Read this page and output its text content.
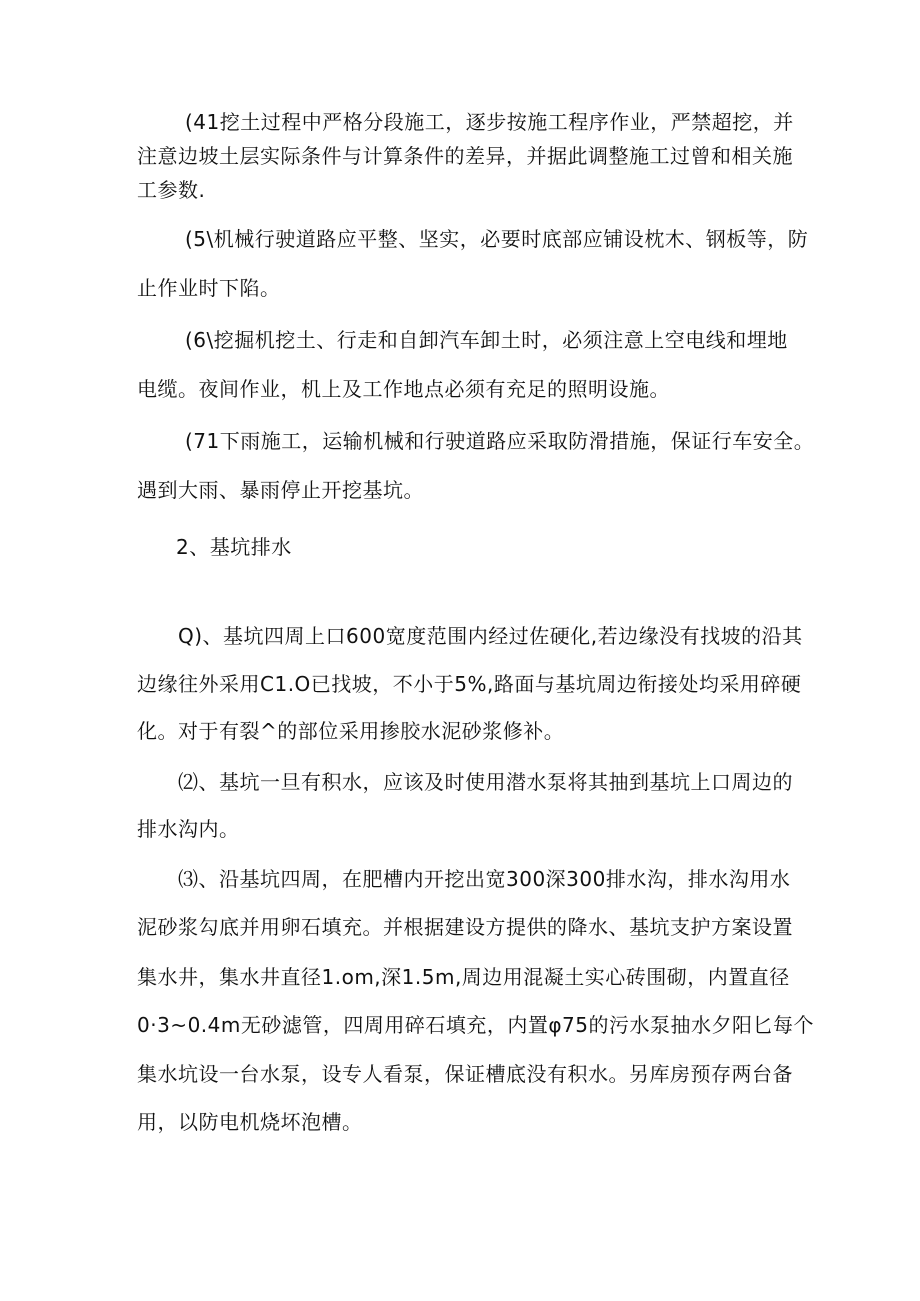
(41挖土过程中严格分段施工，逐步按施工程序作业，严禁超挖，并
注意边坡土层实际条件与计算条件的差异，并据此调整施工过曾和相关施
工参数.
(5\机械行驶道路应平整、坚实，必要时底部应铺设枕木、钢板等，防
止作业时下陷。
(6\挖掘机挖土、行走和自卸汽车卸土时，必须注意上空电线和埋地
电缆。夜间作业，机上及工作地点必须有充足的照明设施。
(71下雨施工，运输机械和行驶道路应采取防滑措施，保证行车安全。
遇到大雨、暴雨停止开挖基坑。
2、基坑排水
Q)、基坑四周上口600宽度范围内经过佐硬化,若边缘没有找坡的沿其
边缘往外采用C1.O已找坡，不小于5%,路面与基坑周边衔接处均采用碎硬
化。对于有裂^的部位采用掺胶水泥砂浆修补。
⑵、基坑一旦有积水，应该及时使用潜水泵将其抽到基坑上口周边的
排水沟内。
⑶、沿基坑四周，在肥槽内开挖出宽300深300排水沟，排水沟用水
泥砂浆勾底并用卵石填充。并根据建设方提供的降水、基坑支护方案设置
集水井，集水井直径1.om,深1.5m,周边用混凝土实心砖围砌，内置直径
0·3~0.4m无砂滤管，四周用碎石填充，内置φ75的污水泵抽水夕阳匕每个
集水坑设一台水泵，设专人看泵，保证槽底没有积水。另库房预存两台备
用，以防电机烧坏泡槽。
